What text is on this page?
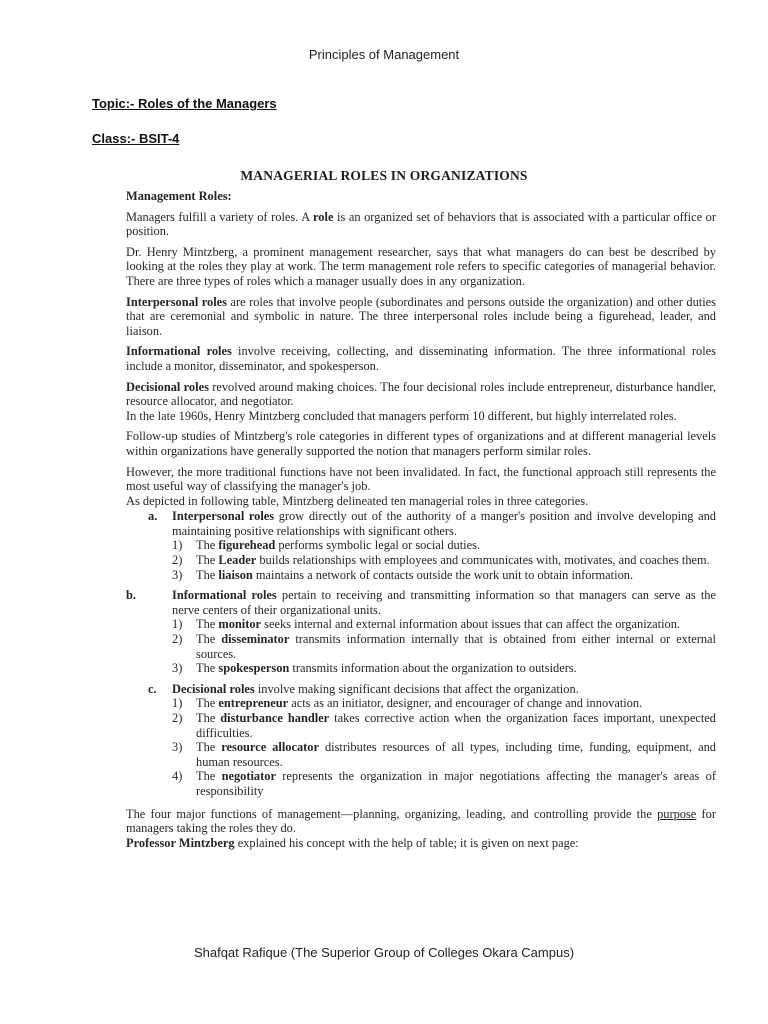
Principles of Management
Topic:- Roles of the Managers
Class:- BSIT-4
MANAGERIAL ROLES IN ORGANIZATIONS

Management Roles:

Managers fulfill a variety of roles. A role is an organized set of behaviors that is associated with a particular office or position.

Dr. Henry Mintzberg, a prominent management researcher, says that what managers do can best be described by looking at the roles they play at work. The term management role refers to specific categories of managerial behavior. There are three types of roles which a manager usually does in any organization.

Interpersonal roles are roles that involve people (subordinates and persons outside the organization) and other duties that are ceremonial and symbolic in nature. The three interpersonal roles include being a figurehead, leader, and liaison.

Informational roles involve receiving, collecting, and disseminating information. The three informational roles include a monitor, disseminator, and spokesperson.

Decisional roles revolved around making choices. The four decisional roles include entrepreneur, disturbance handler, resource allocator, and negotiator.

In the late 1960s, Henry Mintzberg concluded that managers perform 10 different, but highly interrelated roles.

Follow-up studies of Mintzberg's role categories in different types of organizations and at different managerial levels within organizations have generally supported the notion that managers perform similar roles.

However, the more traditional functions have not been invalidated. In fact, the functional approach still represents the most useful way of classifying the manager's job.

As depicted in following table, Mintzberg delineated ten managerial roles in three categories.

a.	Interpersonal roles grow directly out of the authority of a manger's position and involve developing and maintaining positive relationships with significant others.

1)	The figurehead performs symbolic legal or social duties.
2)	The Leader builds relationships with employees and communicates with, motivates, and coaches them.
3)	The liaison maintains a network of contacts outside the work unit to obtain information.
b.	Informational roles pertain to receiving and transmitting information so that managers can serve as the nerve centers of their organizational units.

1)	The monitor seeks internal and external information about issues that can affect the organization.
2)	The disseminator transmits information internally that is obtained from either internal or external sources.
3)	The spokesperson transmits information about the organization to outsiders.
c.	Decisional roles involve making significant decisions that affect the organization.

1)	The entrepreneur acts as an initiator, designer, and encourager of change and innovation.
2)	The disturbance handler takes corrective action when the organization faces important, unexpected difficulties.
3)	The resource allocator distributes resources of all types, including time, funding, equipment, and human resources.
4)	The negotiator represents the organization in major negotiations affecting the manager's areas of responsibility

The four major functions of management—planning, organizing, leading, and controlling provide the purpose for managers taking the roles they do.

Professor Mintzberg explained his concept with the help of table; it is given on next page:

Shafqat Rafique (The Superior Group of Colleges Okara Campus)
